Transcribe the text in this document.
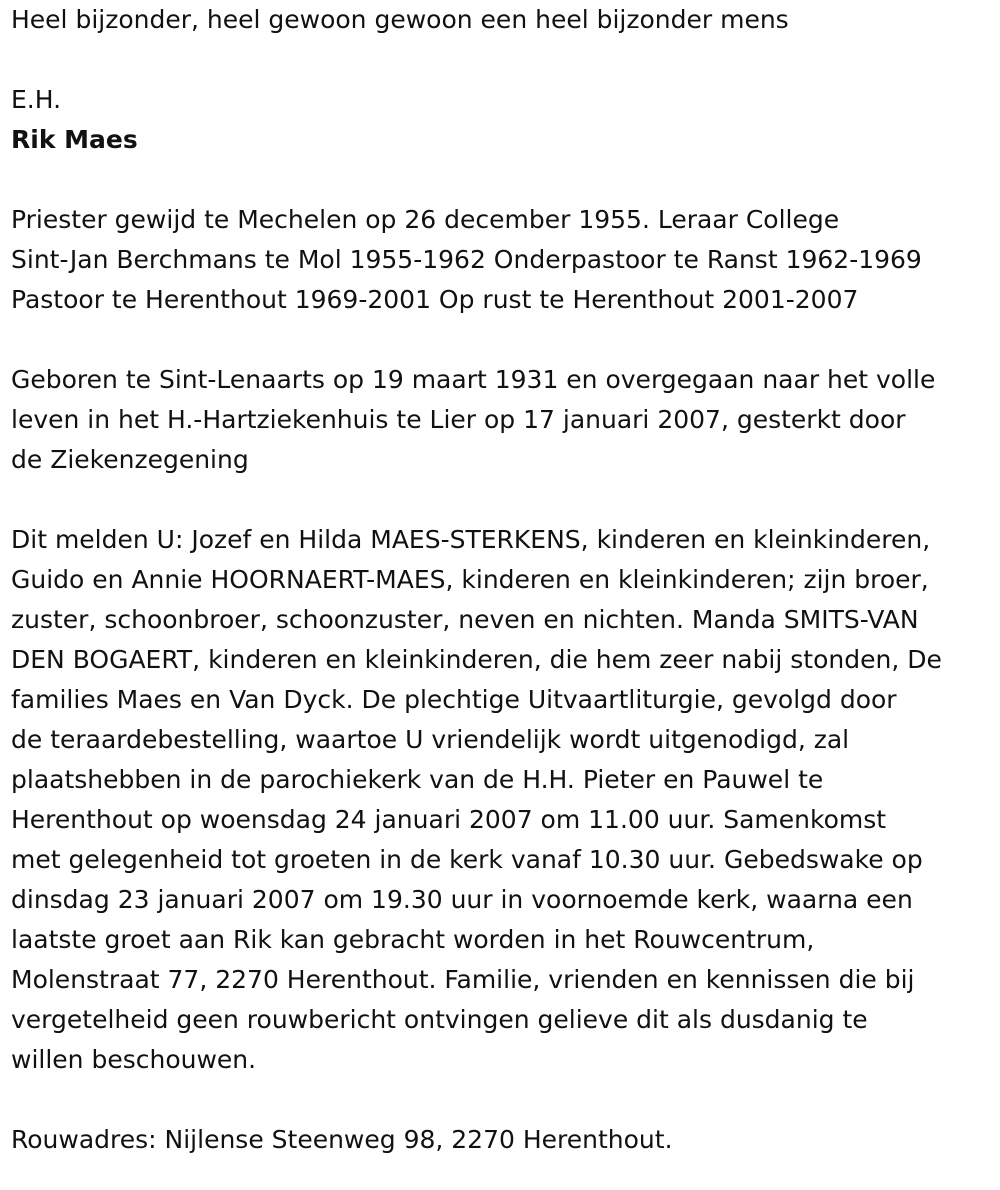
Heel bijzonder, heel gewoon gewoon een heel bijzonder mens

E.H.

Rik Maes

Priester gewijd te Mechelen op 26 december 1955. Leraar College

Sint-Jan Berchmans te Mol 1955-1962 Onderpastoor te Ranst 1962-1969

Pastoor te Herenthout 1969-2001 Op rust te Herenthout 2001-2007

Geboren te Sint-Lenaarts op 19 maart 1931 en overgegaan naar het volle

leven in het H.-Hartziekenhuis te Lier op 17 januari 2007, gesterkt door

de Ziekenzegening

Dit melden U: Jozef en Hilda MAES-STERKENS, kinderen en kleinkinderen,

Guido en Annie HOORNAERT-MAES, kinderen en kleinkinderen; zijn broer,

zuster, schoonbroer, schoonzuster, neven en nichten. Manda SMITS-VAN

DEN BOGAERT, kinderen en kleinkinderen, die hem zeer nabij stonden, De

families Maes en Van Dyck. De plechtige Uitvaartliturgie, gevolgd door

de teraardebestelling, waartoe U vriendelijk wordt uitgenodigd, zal

plaatshebben in de parochiekerk van de H.H. Pieter en Pauwel te

Herenthout op woensdag 24 januari 2007 om 11.00 uur. Samenkomst

met gelegenheid tot groeten in de kerk vanaf 10.30 uur. Gebedswake op

dinsdag 23 januari 2007 om 19.30 uur in voornoemde kerk, waarna een

laatste groet aan Rik kan gebracht worden in het Rouwcentrum,

Molenstraat 77, 2270 Herenthout. Familie, vrienden en kennissen die bij

vergetelheid geen rouwbericht ontvingen gelieve dit als dusdanig te

willen beschouwen.

Rouwadres: Nijlense Steenweg 98, 2270 Herenthout.
